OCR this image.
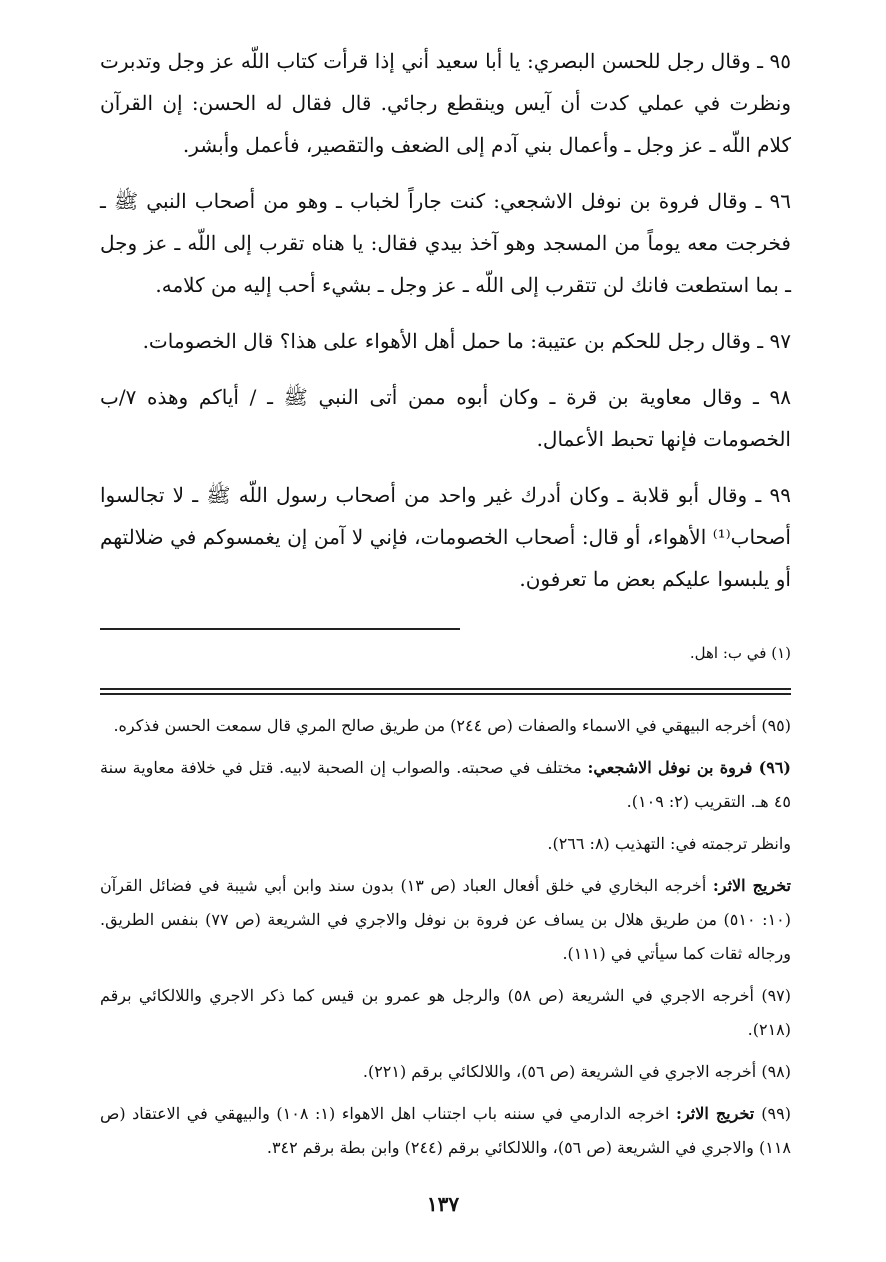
٩٥ ـ وقال رجل للحسن البصري: يا أبا سعيد أني إذا قرأت كتاب اللّه عز وجل وتدبرت ونظرت في عملي كدت أن آيس وينقطع رجائي. قال فقال له الحسن: إن القرآن كلام اللّه ـ عز وجل ـ وأعمال بني آدم إلى الضعف والتقصير، فأعمل وأبشر.

٩٦ ـ وقال فروة بن نوفل الاشجعي: كنت جاراً لخباب ـ وهو من أصحاب النبي ﷺ ـ فخرجت معه يوماً من المسجد وهو آخذ بيدي فقال: يا هناه تقرب إلى اللّه ـ عز وجل ـ بما استطعت فانك لن تتقرب إلى اللّه ـ عز وجل ـ بشيء أحب إليه من كلامه.

٩٧ ـ وقال رجل للحكم بن عتيبة: ما حمل أهل الأهواء على هذا؟ قال الخصومات.

٩٨ ـ وقال معاوية بن قرة ـ وكان أبوه ممن أتى النبي ﷺ ـ / أياكم وهذه ٧/ب الخصومات فإنها تحبط الأعمال.

٩٩ ـ وقال أبو قلابة ـ وكان أدرك غير واحد من أصحاب رسول اللّه ﷺ ـ لا تجالسوا أصحاب⁽¹⁾ الأهواء، أو قال: أصحاب الخصومات، فإني لا آمن إن يغمسوكم في ضلالتهم أو يلبسوا عليكم بعض ما تعرفون.

(١) في ب: اهل.

(٩٥) أخرجه البيهقي في الاسماء والصفات (ص ٢٤٤) من طريق صالح المري قال سمعت الحسن فذكره.

(٩٦) فروة بن نوفل الاشجعي: مختلف في صحبته. والصواب إن الصحبة لابيه. قتل في خلافة معاوية سنة ٤٥ هـ. التقريب (٢: ١٠٩).

وانظر ترجمته في: التهذيب (٨: ٢٦٦).

تخريج الاثر: أخرجه البخاري في خلق أفعال العباد (ص ١٣) بدون سند وابن أبي شيبة في فضائل القرآن (١٠: ٥١٠) من طريق هلال بن يساف عن فروة بن نوفل والاجري في الشريعة (ص ٧٧) بنفس الطريق. ورجاله ثقات كما سيأتي في (١١١).

(٩٧) أخرجه الاجري في الشريعة (ص ٥٨) والرجل هو عمرو بن قيس كما ذكر الاجري واللالكائي برقم (٢١٨).

(٩٨) أخرجه الاجري في الشريعة (ص ٥٦)، واللالكائي برقم (٢٢١).

(٩٩) تخريج الاثر: اخرجه الدارمي في سننه باب اجتناب اهل الاهواء (١: ١٠٨) والبيهقي في الاعتقاد (ص ١١٨) والاجري في الشريعة (ص ٥٦)، واللالكائي برقم (٢٤٤) وابن بطة برقم ٣٤٢.

١٣٧
